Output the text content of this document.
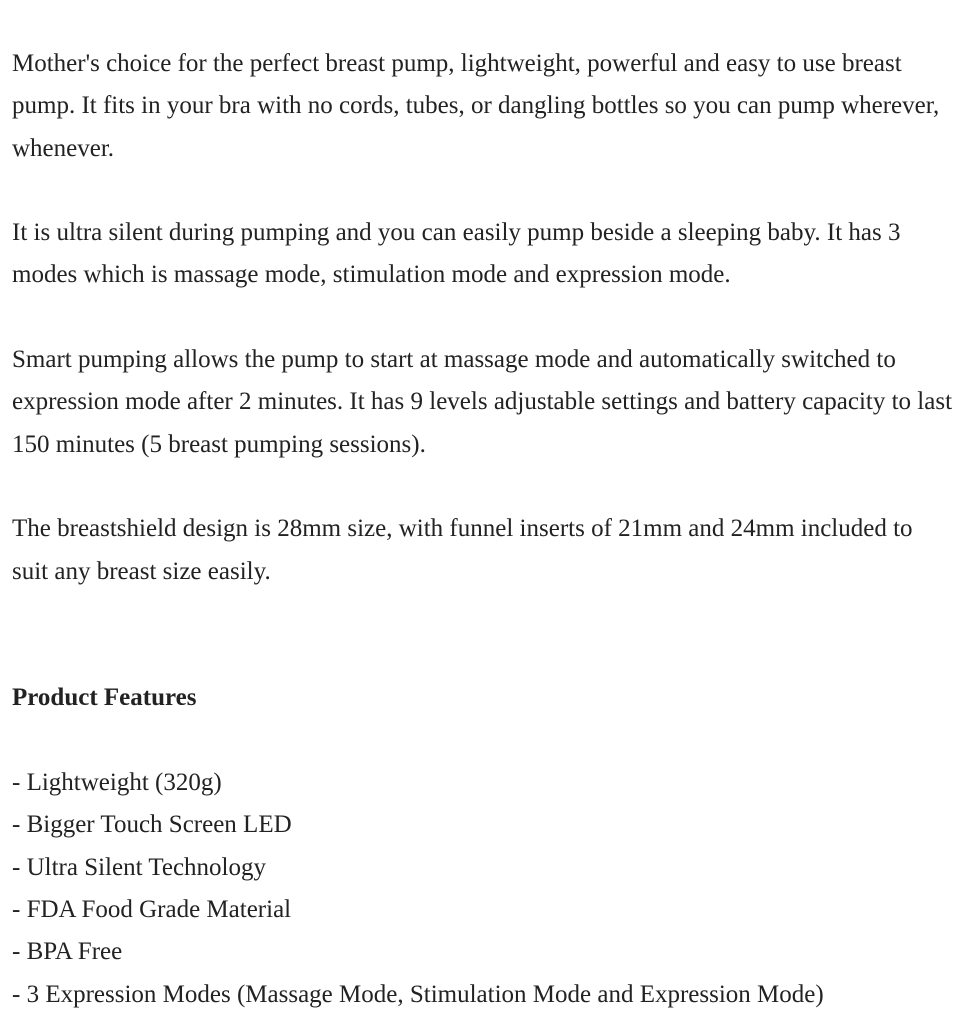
Mother's choice for the perfect breast pump, lightweight, powerful and easy to use breast pump. It fits in your bra with no cords, tubes, or dangling bottles so you can pump wherever, whenever.

It is ultra silent during pumping and you can easily pump beside a sleeping baby. It has 3 modes which is massage mode, stimulation mode and expression mode.

Smart pumping allows the pump to start at massage mode and automatically switched to expression mode after 2 minutes. It has 9 levels adjustable settings and battery capacity to last 150 minutes (5 breast pumping sessions).

The breastshield design is 28mm size, with funnel inserts of 21mm and 24mm included to suit any breast size easily.

Product Features
- Lightweight (320g)
- Bigger Touch Screen LED
- Ultra Silent Technology
- FDA Food Grade Material
- BPA Free
- 3 Expression Modes (Massage Mode, Stimulation Mode and Expression Mode)
